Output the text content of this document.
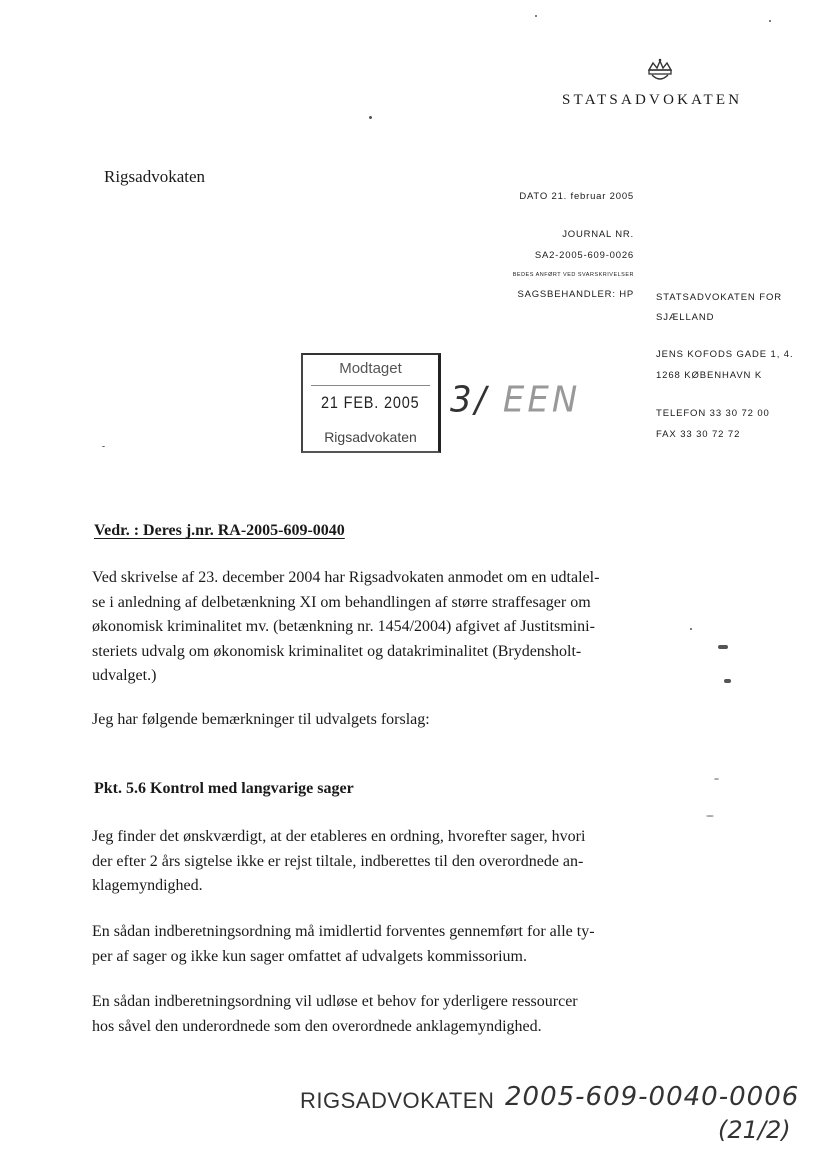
STATSADVOKATEN
Rigsadvokaten
DATO 21. februar 2005
JOURNAL NR.
SA2-2005-609-0026
BEDES ANFØRT VED SVARSKRIVELSER
SAGSBEHANDLER: HP STATSADVOKATEN FOR
SJÆLLAND
JENS KOFODS GADE 1, 4.
1268 KØBENHAVN K
TELEFON 33 30 72 00
FAX 33 30 72 72
Modtaget
21 FEB. 2005
Rigsadvokaten
3/ EEN
Vedr. : Deres j.nr. RA-2005-609-0040
Ved skrivelse af 23. december 2004 har Rigsadvokaten anmodet om en udtalel-
se i anledning af delbetænkning XI om behandlingen af større straffesager om
økonomisk kriminalitet mv. (betænkning nr. 1454/2004) afgivet af Justitsmini-
steriets udvalg om økonomisk kriminalitet og datakriminalitet (Brydensholt-
udvalget.)
Jeg har følgende bemærkninger til udvalgets forslag:
Pkt. 5.6 Kontrol med langvarige sager
Jeg finder det ønskværdigt, at der etableres en ordning, hvorefter sager, hvori
der efter 2 års sigtelse ikke er rejst tiltale, indberettes til den overordnede an-
klagemyndighed.
En sådan indberetningsordning må imidlertid forventes gennemført for alle ty-
per af sager og ikke kun sager omfattet af udvalgets kommissorium.
En sådan indberetningsordning vil udløse et behov for yderligere ressourcer
hos såvel den underordnede som den overordnede anklagemyndighed.
RIGSADVOKATEN 2005-609-0040-0006
(21/2)
